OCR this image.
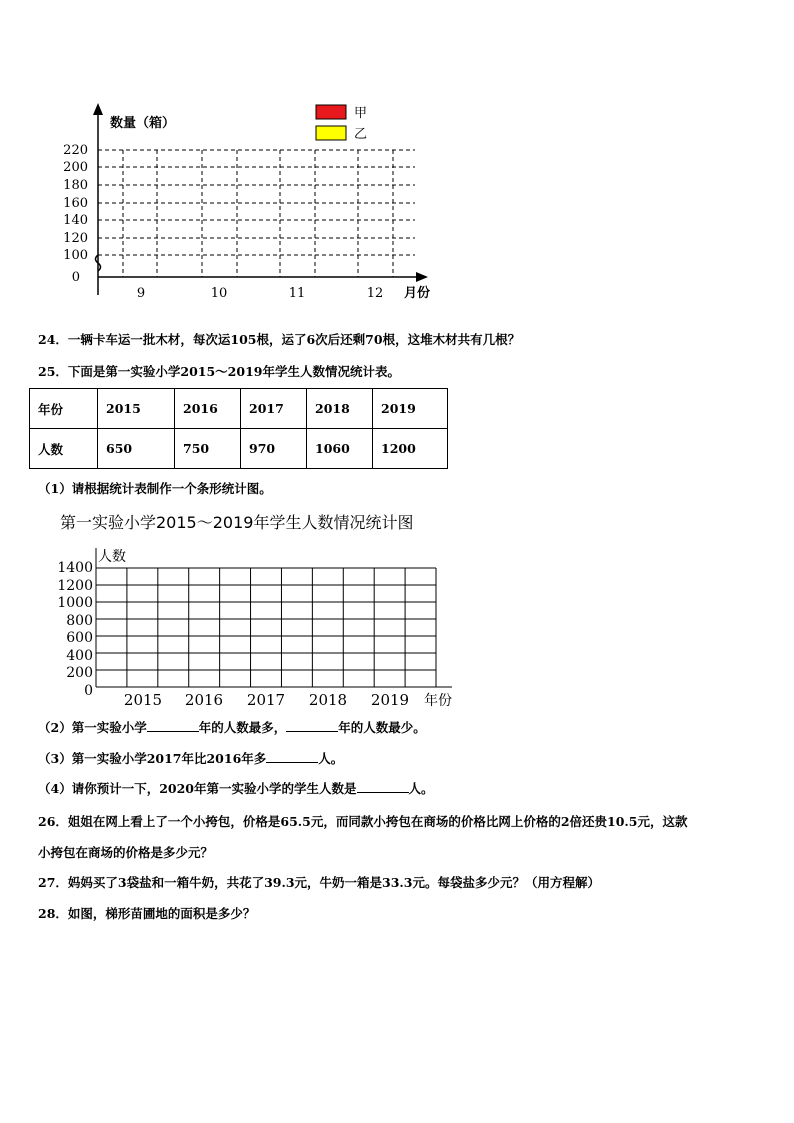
数量（箱）
220
200
180
160
140
120
100
0
9	10	11	12 月份
甲
乙
24．一辆卡车运一批木材，每次运105根，运了6次后还剩70根，这堆木材共有几根？
25．下面是第一实验小学2015～2019年学生人数情况统计表。
年份	2015	2016	2017	2018	2019
人数	650	750	970	1060	1200
（1）请根据统计表制作一个条形统计图。
第一实验小学2015～2019年学生人数情况统计图
人数
1400
1200
1000
800
600
400
200
0 2015 2016 2017 2018 2019 年份
（2）第一实验小学	年的人数最多，	年的人数最少。
（3）第一实验小学2017年比2016年多	人。
（4）请你预计一下，2020年第一实验小学的学生人数是	人。
26．姐姐在网上看上了一个小挎包，价格是65.5元，而同款小挎包在商场的价格比网上价格的2倍还贵10.5元，这款
小挎包在商场的价格是多少元？
27．妈妈买了3袋盐和一箱牛奶，共花了39.3元，牛奶一箱是33.3元。每袋盐多少元？（用方程解）
28．如图，梯形苗圃地的面积是多少？
